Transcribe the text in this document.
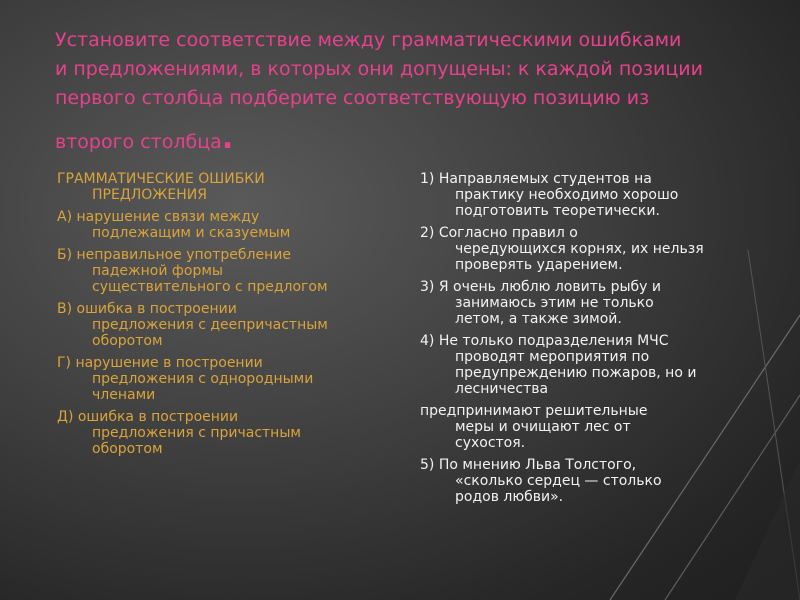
Установите соответствие между грамматическими ошибками
и предложениями, в которых они допущены: к каждой позиции
первого столбца подберите соответствующую позицию из
второго столбца.
ГРАММАТИЧЕСКИЕ ОШИБКИ
ПРЕДЛОЖЕНИЯ
А) нарушение связи между
подлежащим и сказуемым
Б) неправильное употребление
падежной формы
существительного с предлогом
В) ошибка в построении
предложения с деепричастным
оборотом
Г) нарушение в построении
предложения с однородными
членами
Д) ошибка в построении
предложения с причастным
оборотом
1) Направляемых студентов на
практику необходимо хорошо
подготовить теоретически.
2) Согласно правил о
чередующихся корнях, их нельзя
проверять ударением.
3) Я очень люблю ловить рыбу и
занимаюсь этим не только
летом, а также зимой.
4) Не только подразделения МЧС
проводят мероприятия по
предупреждению пожаров, но и
лесничества
предпринимают решительные
меры и очищают лес от
сухостоя.
5) По мнению Льва Толстого,
«сколько сердец — столько
родов любви».
